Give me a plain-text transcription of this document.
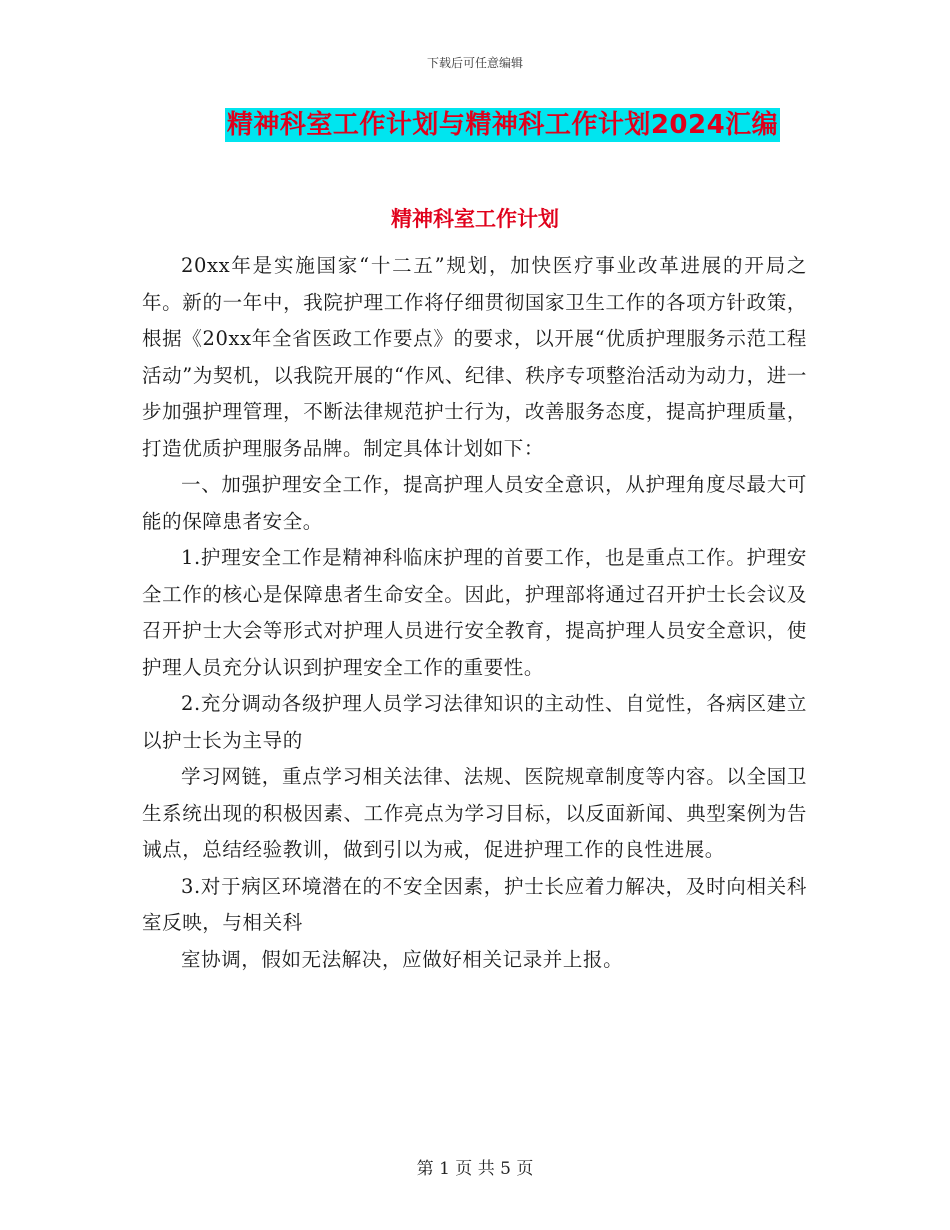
下载后可任意编辑
精神科室工作计划与精神科工作计划2024汇编
精神科室工作计划

20xx年是实施国家“十二五”规划，加快医疗事业改革进展的开局之年。新的一年中，我院护理工作将仔细贯彻国家卫生工作的各项方针政策，根据《20xx年全省医政工作要点》的要求，以开展“优质护理服务示范工程活动”为契机，以我院开展的“作风、纪律、秩序专项整治活动为动力，进一步加强护理管理，不断法律规范护士行为，改善服务态度，提高护理质量，打造优质护理服务品牌。制定具体计划如下：

一、加强护理安全工作，提高护理人员安全意识，从护理角度尽最大可能的保障患者安全。

1.护理安全工作是精神科临床护理的首要工作，也是重点工作。护理安全工作的核心是保障患者生命安全。因此，护理部将通过召开护士长会议及召开护士大会等形式对护理人员进行安全教育，提高护理人员安全意识，使护理人员充分认识到护理安全工作的重要性。

2.充分调动各级护理人员学习法律知识的主动性、自觉性，各病区建立以护士长为主导的

学习网链，重点学习相关法律、法规、医院规章制度等内容。以全国卫生系统出现的积极因素、工作亮点为学习目标，以反面新闻、典型案例为告诫点，总结经验教训，做到引以为戒，促进护理工作的良性进展。

3.对于病区环境潜在的不安全因素，护士长应着力解决，及时向相关科室反映，与相关科

室协调，假如无法解决，应做好相关记录并上报。

第 1 页 共 5 页
